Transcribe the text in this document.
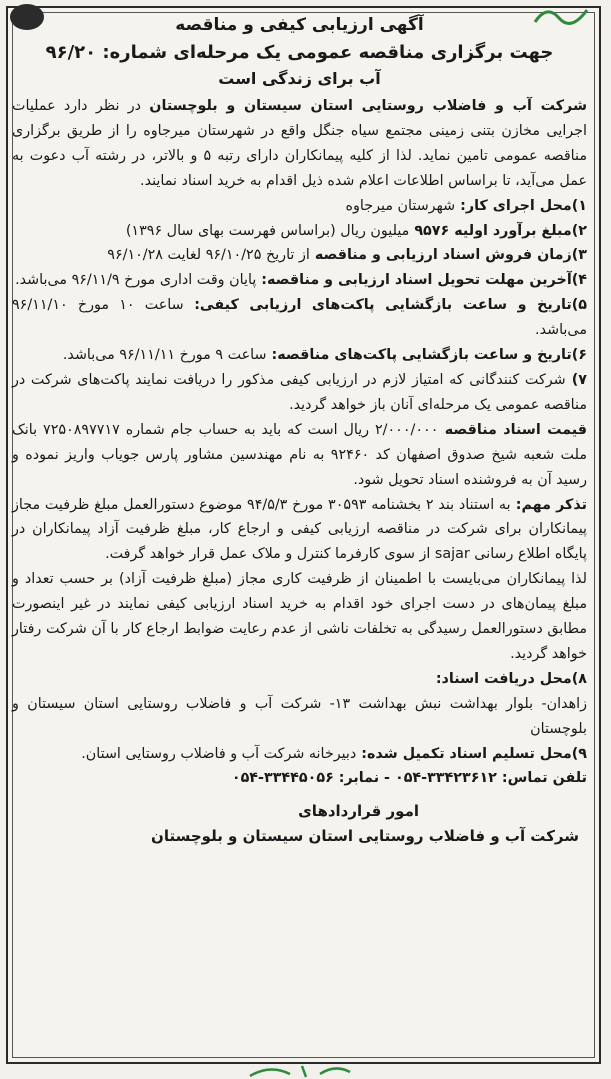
آگهی ارزیابی کیفی و مناقصه
جهت برگزاری مناقصه عمومی یک مرحله‌ای شماره: ۹۶/۲۰
آب برای زندگی است

شرکت آب و فاضلاب روستایی استان سیستان و بلوچستان در نظر دارد عملیات اجرایی مخازن بتنی زمینی مجتمع سیاه جنگل واقع در شهرستان میرجاوه را از طریق برگزاری مناقصه عمومی تامین نماید. لذا از کلیه پیمانکاران دارای رتبه ۵ و بالاتر، در رشته آب دعوت به عمل می‌آید، تا براساس اطلاعات اعلام شده ذیل اقدام به خرید اسناد نمایند.

۱)محل اجرای کار: شهرستان میرجاوه

۲)مبلغ برآورد اولیه ۹۵۷۶ میلیون ریال (براساس فهرست بهای سال ۱۳۹۶)

۳)زمان فروش اسناد ارزیابی و مناقصه از تاریخ ۹۶/۱۰/۲۵ لغایت ۹۶/۱۰/۲۸

۴)آخرین مهلت تحویل اسناد ارزیابی و مناقصه: پایان وقت اداری مورخ ۹۶/۱۱/۹ می‌باشد.

۵)تاریخ و ساعت بازگشایی پاکت‌های ارزیابی کیفی: ساعت ۱۰ مورخ ۹۶/۱۱/۱۰ می‌باشد.

۶)تاریخ و ساعت بازگشایی پاکت‌های مناقصه: ساعت ۹ مورخ ۹۶/۱۱/۱۱ می‌باشد.

۷) شرکت کنندگانی که امتیاز لازم در ارزیابی کیفی مذکور را دریافت نمایند پاکت‌های شرکت در مناقصه عمومی یک مرحله‌ای آنان باز خواهد گردید.

قیمت اسناد مناقصه ۲/۰۰۰/۰۰۰ ریال است که باید به حساب جام شماره ۷۲۵۰۸۹۷۷۱۷ بانک ملت شعبه شیخ صدوق اصفهان کد ۹۲۴۶۰ به نام مهندسین مشاور پارس جویاب واریز نموده و رسید آن به فروشنده اسناد تحویل شود.

تذکر مهم: به استناد بند ۲ بخشنامه ۳۰۵۹۳ مورخ ۹۴/۵/۳ موضوع دستورالعمل مبلغ ظرفیت مجاز پیمانکاران برای شرکت در مناقصه ارزیابی کیفی و ارجاع کار، مبلغ ظرفیت آزاد پیمانکاران در پایگاه اطلاع رسانی sajar از سوی کارفرما کنترل و ملاک عمل قرار خواهد گرفت.

لذا پیمانکاران می‌بایست با اطمینان از ظرفیت کاری مجاز (مبلغ ظرفیت آزاد) بر حسب تعداد و مبلغ پیمان‌های در دست اجرای خود اقدام به خرید اسناد ارزیابی کیفی نمایند در غیر اینصورت مطابق دستورالعمل رسیدگی به تخلفات ناشی از عدم رعایت ضوابط ارجاع کار با آن شرکت رفتار خواهد گردید.

۸)محل دریافت اسناد:

زاهدان- بلوار بهداشت نبش بهداشت ۱۳- شرکت آب و فاضلاب روستایی استان سیستان و بلوچستان

۹)محل تسلیم اسناد تکمیل شده: دبیرخانه شرکت آب و فاضلاب روستایی استان.

تلفن تماس: ۳۳۴۲۳۶۱۲-۰۵۴ - نمابر: ۳۳۴۴۵۰۵۶-۰۵۴

امور قراردادهای
شرکت آب و فاضلاب روستایی استان سیستان و بلوچستان
